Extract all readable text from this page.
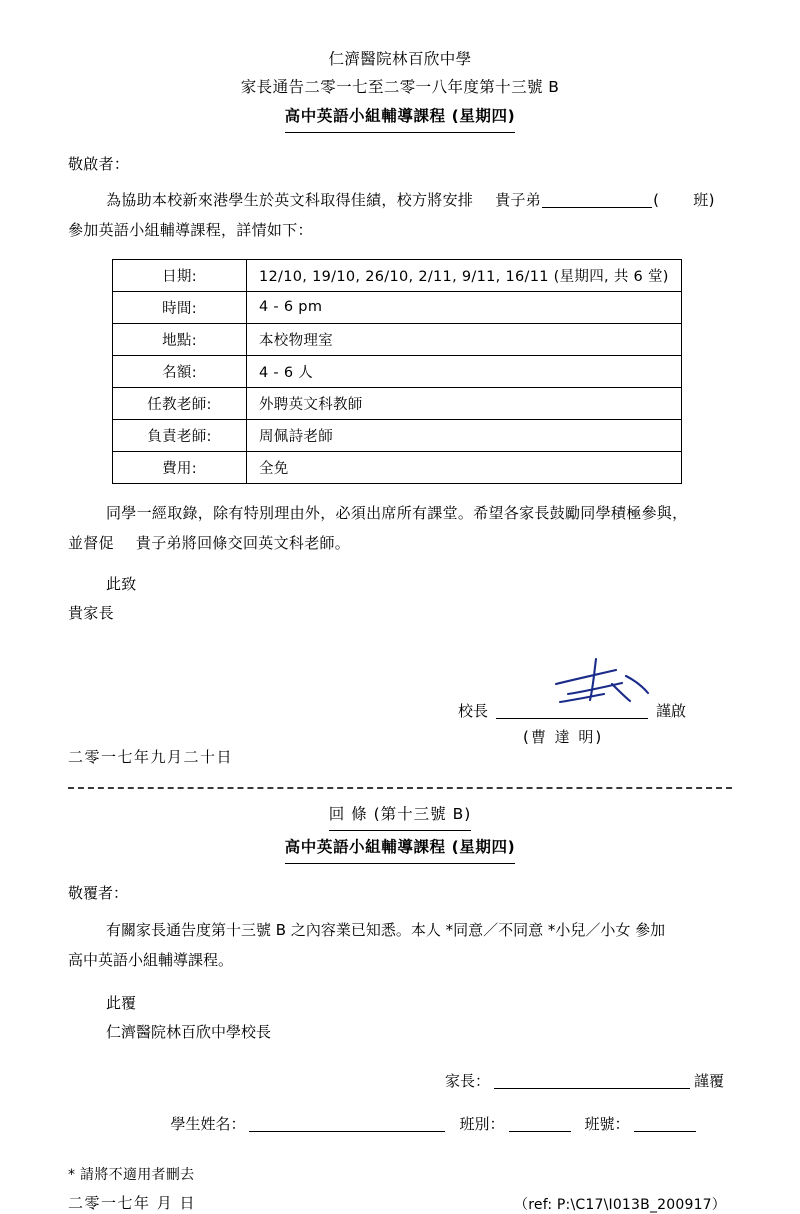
仁濟醫院林百欣中學
家長通告二零一七至二零一八年度第十三號 B
高中英語小組輔導課程 (星期四)
敬啟者：
為協助本校新來港學生於英文科取得佳績，校方將安排 貴子弟	( 班)
參加英語小組輔導課程，詳情如下：
日期:	12/10, 19/10, 26/10, 2/11, 9/11, 16/11 (星期四, 共 6 堂)
時間:	4 - 6 pm
地點:	本校物理室
名額:	4 - 6 人
任教老師:	外聘英文科教師
負責老師:	周佩詩老師
費用:	全免
同學一經取錄，除有特別理由外，必須出席所有課堂。希望各家長鼓勵同學積極參與，
並督促 貴子弟將回條交回英文科老師。
此致
貴家長
校長	謹啟
(曹 達 明)
二零一七年九月二十日
回 條 (第十三號 B)
高中英語小組輔導課程 (星期四)
敬覆者：
有關家長通告度第十三號 B 之內容業已知悉。本人 *同意／不同意 *小兒／小女 參加
高中英語小組輔導課程。
此覆
仁濟醫院林百欣中學校長
家長：	謹覆
學生姓名：	班別：	班號：
* 請將不適用者刪去
二零一七年 月 日	（ref: P:\C17\I013B_200917）
